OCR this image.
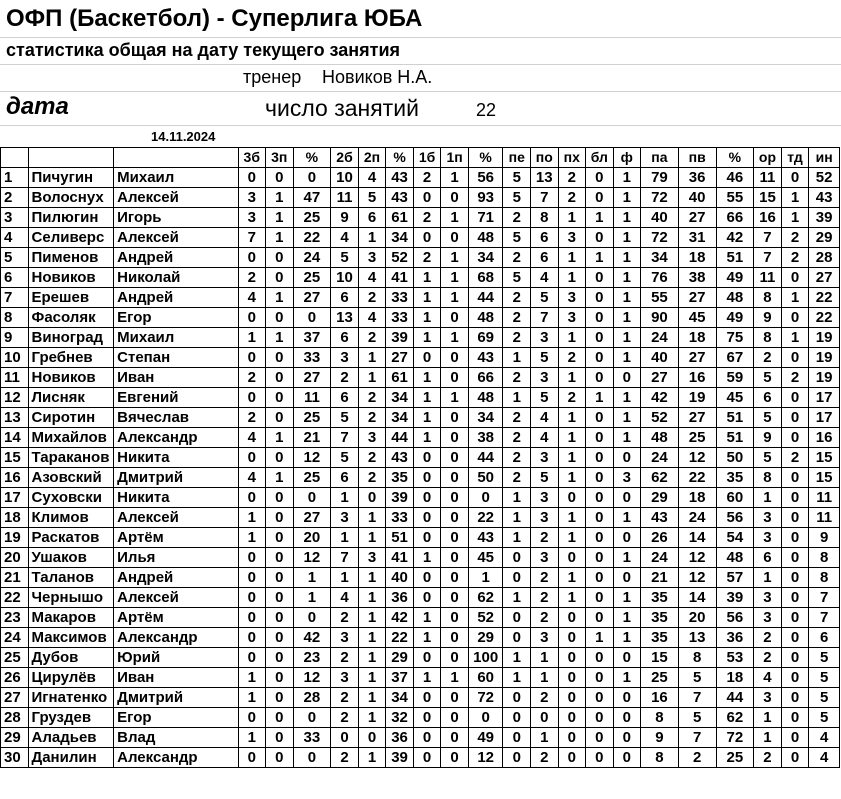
ОФП (Баскетбол) - Суперлига ЮБА
статистика общая на дату текущего занятия
тренер Новиков Н.А.
дата	число занятий	22
14.11.2024
			3б	3п	%	2б	2п	%	1б	1п	%	пе	по	пх	бл	ф	па	пв	%	ор	тд	ин
1	Пичугин	Михаил	0	0	0	10	4	43	2	1	56	5	13	2	0	1	79	36	46	11	0	52
2	Волоснух	Алексей	3	1	47	11	5	43	0	0	93	5	7	2	0	1	72	40	55	15	1	43
3	Пилюгин	Игорь	3	1	25	9	6	61	2	1	71	2	8	1	1	1	40	27	66	16	1	39
4	Селиверс	Алексей	7	1	22	4	1	34	0	0	48	5	6	3	0	1	72	31	42	7	2	29
5	Пименов	Андрей	0	0	24	5	3	52	2	1	34	2	6	1	1	1	34	18	51	7	2	28
6	Новиков	Николай	2	0	25	10	4	41	1	1	68	5	4	1	0	1	76	38	49	11	0	27
7	Ерешев	Андрей	4	1	27	6	2	33	1	1	44	2	5	3	0	1	55	27	48	8	1	22
8	Фасоляк	Егор	0	0	0	13	4	33	1	0	48	2	7	3	0	1	90	45	49	9	0	22
9	Виноград	Михаил	1	1	37	6	2	39	1	1	69	2	3	1	0	1	24	18	75	8	1	19
10	Гребнев	Степан	0	0	33	3	1	27	0	0	43	1	5	2	0	1	40	27	67	2	0	19
11	Новиков	Иван	2	0	27	2	1	61	1	0	66	2	3	1	0	0	27	16	59	5	2	19
12	Лисняк	Евгений	0	0	11	6	2	34	1	1	48	1	5	2	1	1	42	19	45	6	0	17
13	Сиротин	Вячеслав	2	0	25	5	2	34	1	0	34	2	4	1	0	1	52	27	51	5	0	17
14	Михайлов	Александр	4	1	21	7	3	44	1	0	38	2	4	1	0	1	48	25	51	9	0	16
15	Тараканов	Никита	0	0	12	5	2	43	0	0	44	2	3	1	0	0	24	12	50	5	2	15
16	Азовский	Дмитрий	4	1	25	6	2	35	0	0	50	2	5	1	0	3	62	22	35	8	0	15
17	Суховски	Никита	0	0	0	1	0	39	0	0	0	1	3	0	0	0	29	18	60	1	0	11
18	Климов	Алексей	1	0	27	3	1	33	0	0	22	1	3	1	0	1	43	24	56	3	0	11
19	Раскатов	Артём	1	0	20	1	1	51	0	0	43	1	2	1	0	0	26	14	54	3	0	9
20	Ушаков	Илья	0	0	12	7	3	41	1	0	45	0	3	0	0	1	24	12	48	6	0	8
21	Таланов	Андрей	0	0	1	1	1	40	0	0	1	0	2	1	0	0	21	12	57	1	0	8
22	Чернышо	Алексей	0	0	1	4	1	36	0	0	62	1	2	1	0	1	35	14	39	3	0	7
23	Макаров	Артём	0	0	0	2	1	42	1	0	52	0	2	0	0	1	35	20	56	3	0	7
24	Максимов	Александр	0	0	42	3	1	22	1	0	29	0	3	0	1	1	35	13	36	2	0	6
25	Дубов	Юрий	0	0	23	2	1	29	0	0	100	1	1	0	0	0	15	8	53	2	0	5
26	Цирулёв	Иван	1	0	12	3	1	37	1	1	60	1	1	0	0	1	25	5	18	4	0	5
27	Игнатенко	Дмитрий	1	0	28	2	1	34	0	0	72	0	2	0	0	0	16	7	44	3	0	5
28	Груздев	Егор	0	0	0	2	1	32	0	0	0	0	0	0	0	0	8	5	62	1	0	5
29	Аладьев	Влад	1	0	33	0	0	36	0	0	49	0	1	0	0	0	9	7	72	1	0	4
30	Данилин	Александр	0	0	0	2	1	39	0	0	12	0	2	0	0	0	8	2	25	2	0	4
